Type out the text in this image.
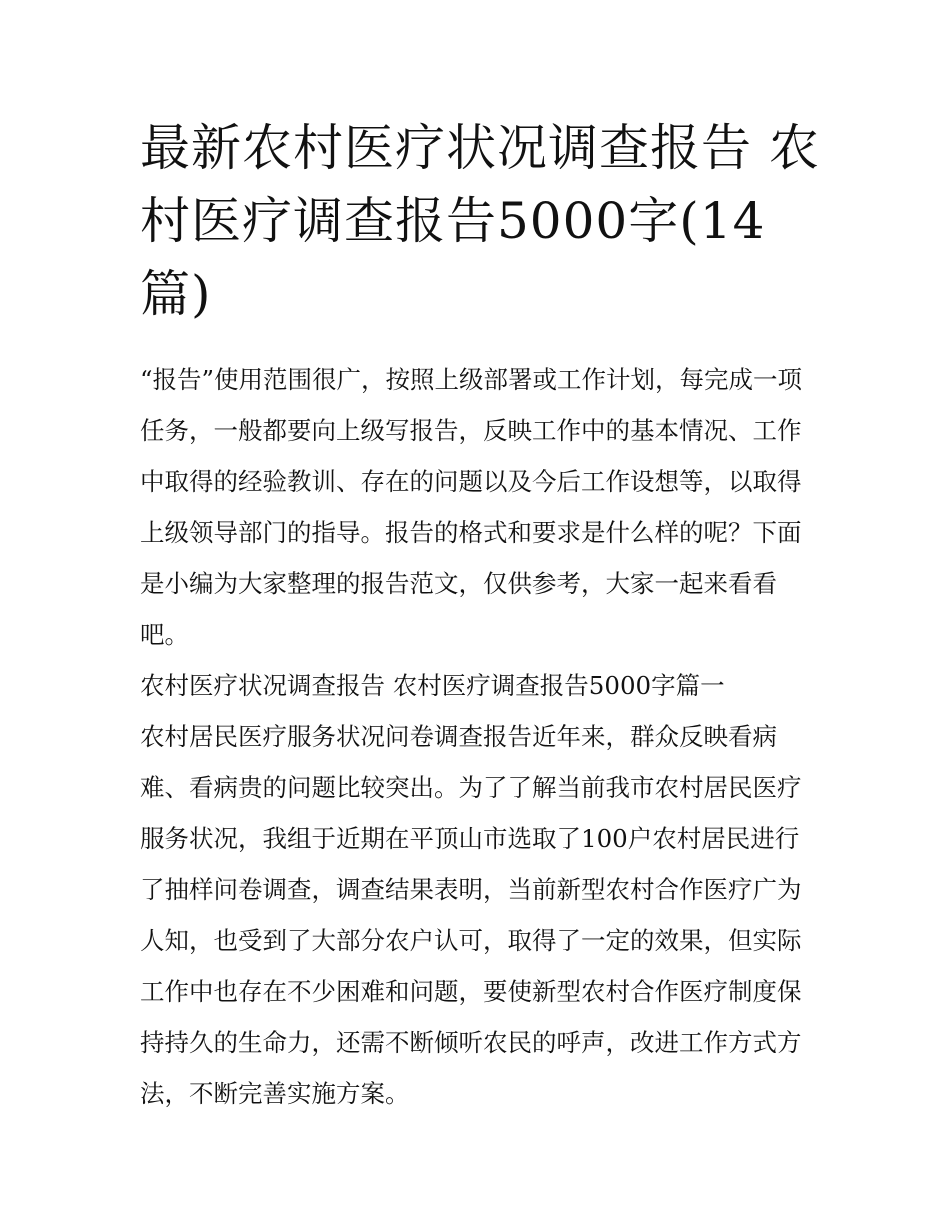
最新农村医疗状况调查报告 农村医疗调查报告5000字(14篇)

“报告”使用范围很广，按照上级部署或工作计划，每完成一项任务，一般都要向上级写报告，反映工作中的基本情况、工作中取得的经验教训、存在的问题以及今后工作设想等，以取得上级领导部门的指导。报告的格式和要求是什么样的呢？下面是小编为大家整理的报告范文，仅供参考，大家一起来看看吧。

农村医疗状况调查报告 农村医疗调查报告5000字篇一

农村居民医疗服务状况问卷调查报告近年来，群众反映看病难、看病贵的问题比较突出。为了了解当前我市农村居民医疗服务状况，我组于近期在平顶山市选取了100户农村居民进行了抽样问卷调查，调查结果表明，当前新型农村合作医疗广为人知，也受到了大部分农户认可，取得了一定的效果，但实际工作中也存在不少困难和问题，要使新型农村合作医疗制度保持持久的生命力，还需不断倾听农民的呼声，改进工作方式方法，不断完善实施方案。
